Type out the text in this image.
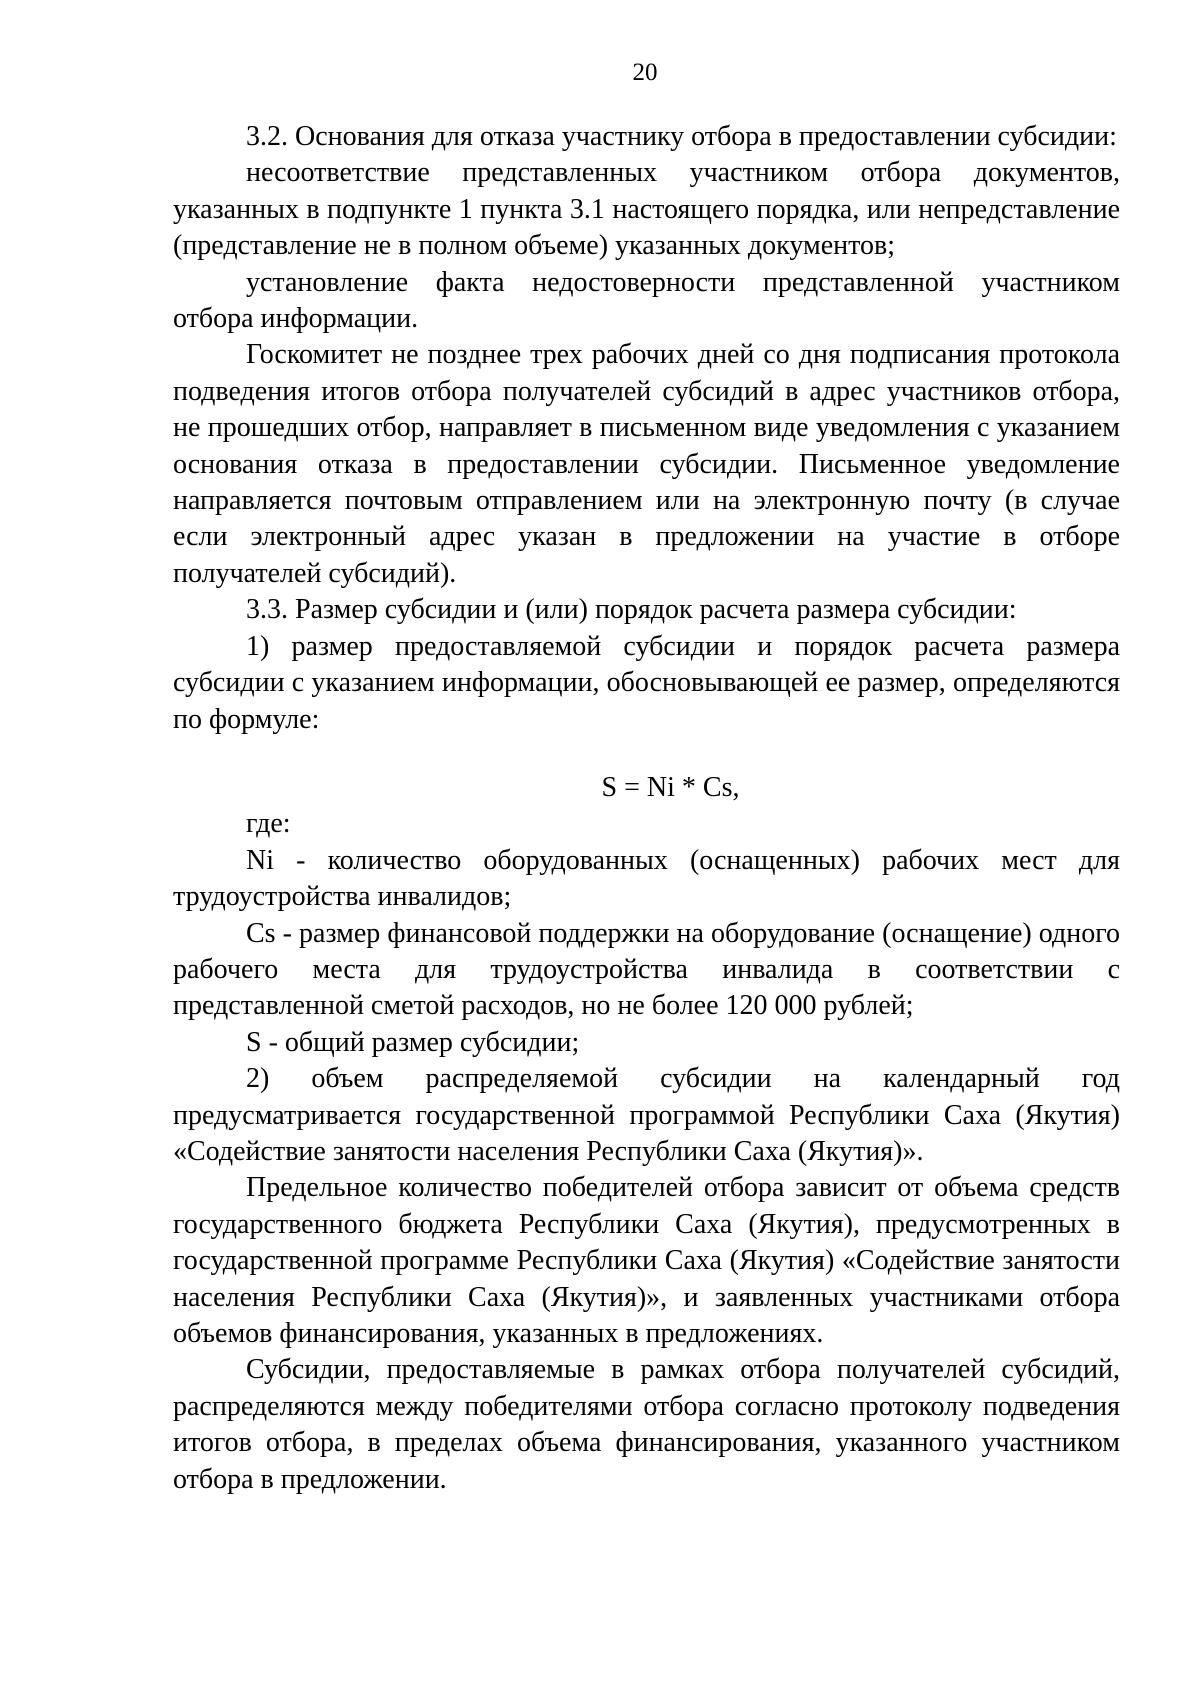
20

3.2. Основания для отказа участнику отбора в предоставлении субсидии:

несоответствие представленных участником отбора документов, указанных в подпункте 1 пункта 3.1 настоящего порядка, или непредставление (представление не в полном объеме) указанных документов;

установление факта недостоверности представленной участником отбора информации.

Госкомитет не позднее трех рабочих дней со дня подписания протокола подведения итогов отбора получателей субсидий в адрес участников отбора, не прошедших отбор, направляет в письменном виде уведомления с указанием основания отказа в предоставлении субсидии. Письменное уведомление направляется почтовым отправлением или на электронную почту (в случае если электронный адрес указан в предложении на участие в отборе получателей субсидий).

3.3. Размер субсидии и (или) порядок расчета размера субсидии:

1) размер предоставляемой субсидии и порядок расчета размера субсидии с указанием информации, обосновывающей ее размер, определяются по формуле:

S = Ni * Cs,

где:

Ni - количество оборудованных (оснащенных) рабочих мест для трудоустройства инвалидов;

Cs - размер финансовой поддержки на оборудование (оснащение) одного рабочего места для трудоустройства инвалида в соответствии с представленной сметой расходов, но не более 120 000 рублей;

S - общий размер субсидии;

2) объем распределяемой субсидии на календарный год предусматривается государственной программой Республики Саха (Якутия) «Содействие занятости населения Республики Саха (Якутия)».

Предельное количество победителей отбора зависит от объема средств государственного бюджета Республики Саха (Якутия), предусмотренных в государственной программе Республики Саха (Якутия) «Содействие занятости населения Республики Саха (Якутия)», и заявленных участниками отбора объемов финансирования, указанных в предложениях.

Субсидии, предоставляемые в рамках отбора получателей субсидий, распределяются между победителями отбора согласно протоколу подведения итогов отбора, в пределах объема финансирования, указанного участником отбора в предложении.
